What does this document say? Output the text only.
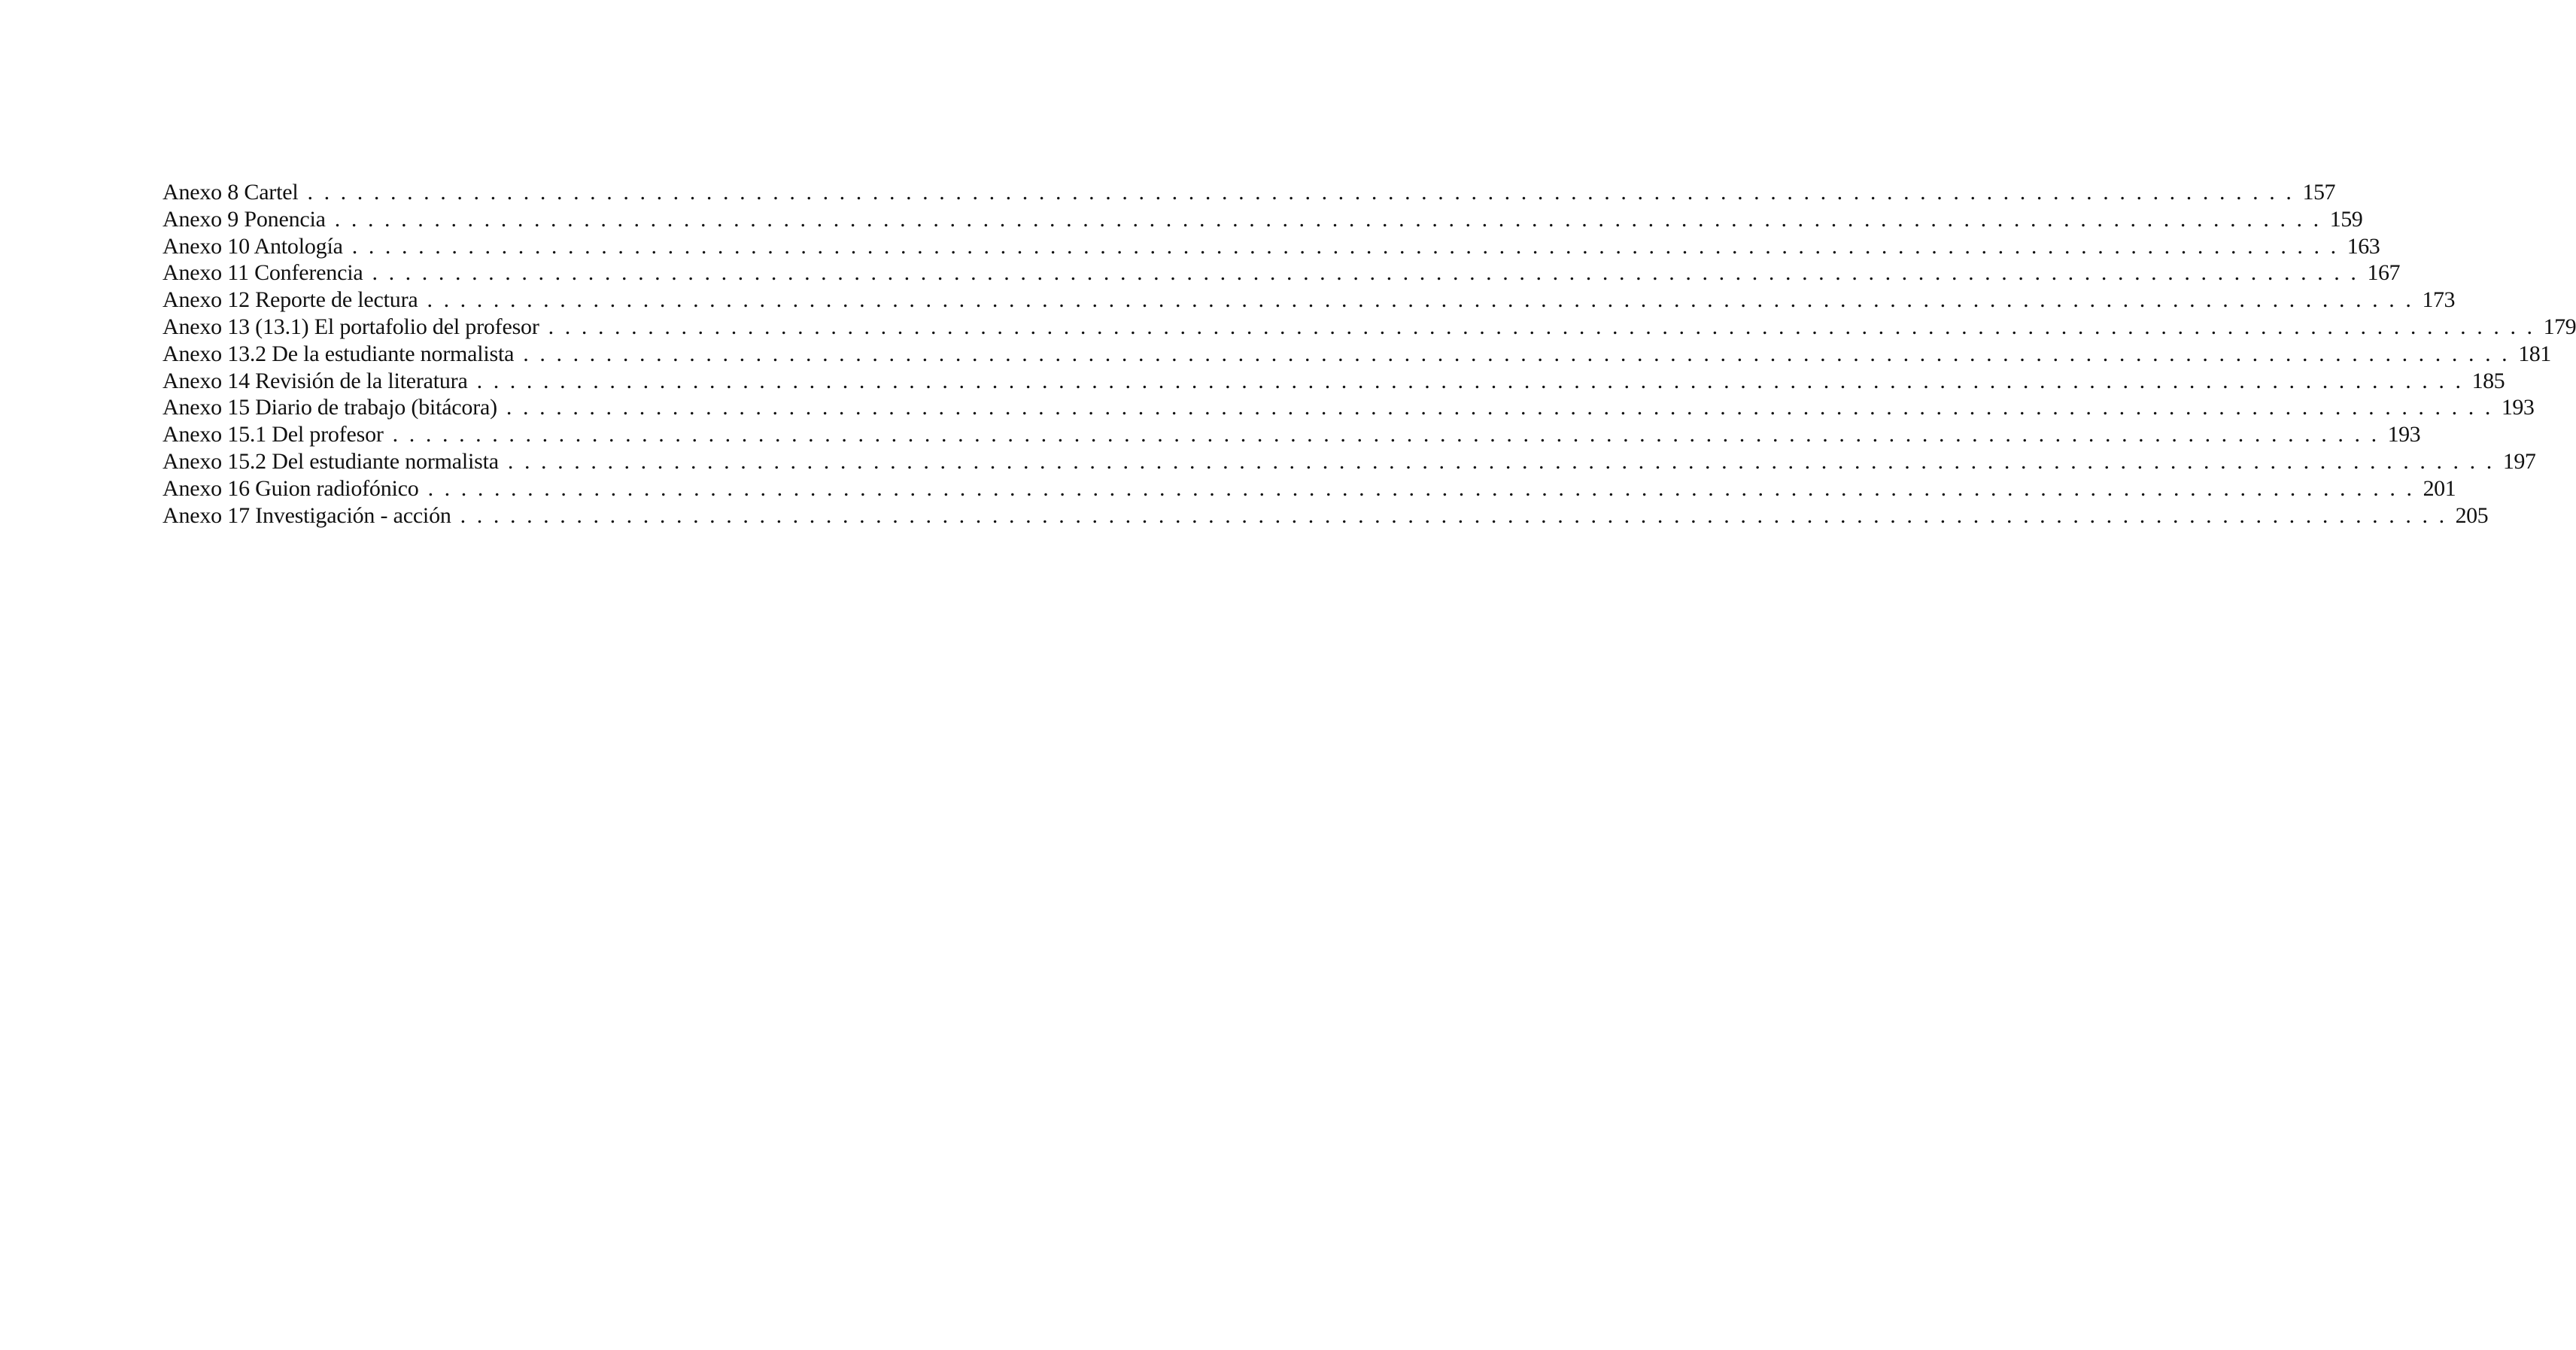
Anexo 8 Cartel ........................................................................................................................ 157
Anexo 9 Ponencia ........................................................................................................................ 159
Anexo 10 Antología ........................................................................................................................ 163
Anexo 11 Conferencia ........................................................................................................................ 167
Anexo 12 Reporte de lectura ........................................................................................................................ 173
Anexo 13 (13.1) El portafolio del profesor ........................................................................................................................ 179
Anexo 13.2 De la estudiante normalista ........................................................................................................................ 181
Anexo 14 Revisión de la literatura ........................................................................................................................ 185
Anexo 15 Diario de trabajo (bitácora) ........................................................................................................................ 193
Anexo 15.1 Del profesor ........................................................................................................................ 193
Anexo 15.2 Del estudiante normalista ........................................................................................................................ 197
Anexo 16 Guion radiofónico ........................................................................................................................ 201
Anexo 17 Investigación - acción ........................................................................................................................ 205
